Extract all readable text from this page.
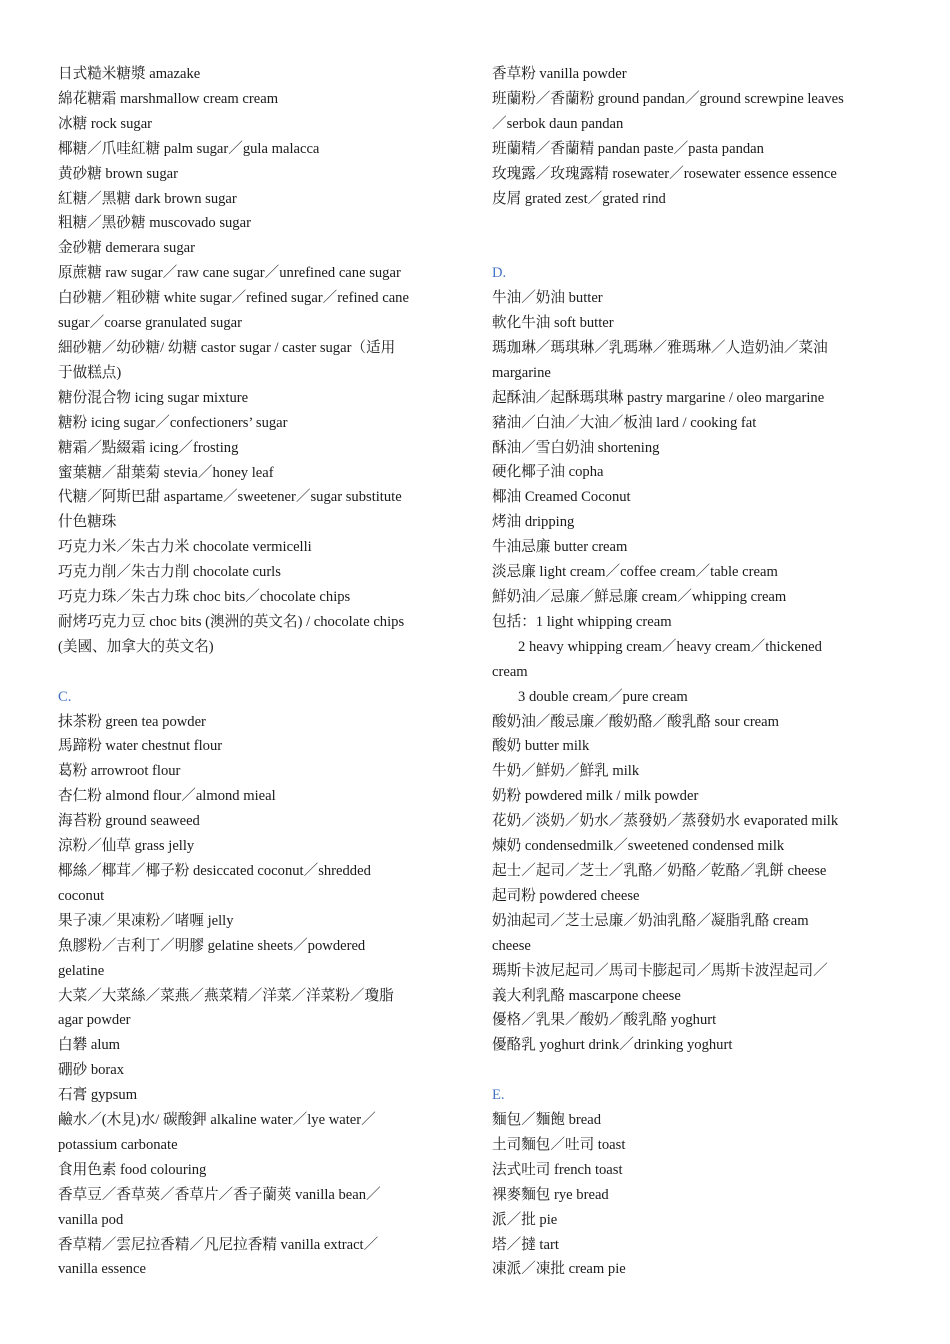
日式糙米糖漿 amazake

綿花糖霜 marshmallow cream cream

冰糖 rock sugar

椰糖／爪哇紅糖 palm sugar／gula malacca

黄砂糖 brown sugar

紅糖／黑糖 dark brown sugar

粗糖／黑砂糖 muscovado sugar

金砂糖 demerara sugar

原蔗糖 raw sugar／raw cane sugar／unrefined cane sugar

白砂糖／粗砂糖 white sugar／refined sugar／refined cane

sugar／coarse granulated sugar

細砂糖／幼砂糖/ 幼糖 castor sugar / caster sugar（适用

于做糕点)

糖份混合物 icing sugar mixture

糖粉 icing sugar／confectioners’ sugar

糖霜／點綴霜 icing／frosting

蜜葉糖／甜葉菊 stevia／honey leaf

代糖／阿斯巴甜 aspartame／sweetener／sugar substitute

什色糖珠

巧克力米／朱古力米 chocolate vermicelli

巧克力削／朱古力削 chocolate curls

巧克力珠／朱古力珠 choc bits／chocolate chips

耐烤巧克力豆 choc bits (澳洲的英文名) / chocolate chips

(美國、加拿大的英文名)

C.

抹茶粉 green tea powder

馬蹄粉 water chestnut flour

葛粉 arrowroot flour

杏仁粉 almond flour／almond mieal

海苔粉 ground seaweed

涼粉／仙草 grass jelly

椰絲／椰茸／椰子粉 desiccated coconut／shredded

coconut

果子凍／果凍粉／啫喱 jelly

魚膠粉／吉利丁／明膠 gelatine sheets／powdered

gelatine

大菜／大菜絲／菜燕／燕菜精／洋菜／洋菜粉／瓊脂

agar powder

白礬 alum

硼砂 borax

石膏 gypsum

鹼水／(木見)水/ 碳酸鉀 alkaline water／lye water／

potassium carbonate

食用色素 food colouring

香草豆／香草莢／香草片／香子蘭莢 vanilla bean／

vanilla pod

香草精／雲尼拉香精／凡尼拉香精 vanilla extract／

vanilla essence

香草粉 vanilla powder

班蘭粉／香蘭粉 ground pandan／ground screwpine leaves

／serbok daun pandan

班蘭精／香蘭精 pandan paste／pasta pandan

玫瑰露／玫瑰露精 rosewater／rosewater essence essence

皮屑 grated zest／grated rind

D.

牛油／奶油 butter

軟化牛油 soft butter

瑪珈琳／瑪琪琳／乳瑪琳／雅瑪琳／人造奶油／菜油

margarine

起酥油／起酥瑪琪琳 pastry margarine / oleo margarine

豬油／白油／大油／板油 lard / cooking fat

酥油／雪白奶油 shortening

硬化椰子油 copha

椰油 Creamed Coconut

烤油 dripping

牛油忌廉 butter cream

淡忌廉 light cream／coffee cream／table cream

鮮奶油／忌廉／鮮忌廉 cream／whipping cream

包括：1 light whipping cream

2 heavy whipping cream／heavy cream／thickened

cream

3 double cream／pure cream

酸奶油／酸忌廉／酸奶酪／酸乳酪 sour cream

酸奶 butter milk

牛奶／鮮奶／鮮乳 milk

奶粉 powdered milk / milk powder

花奶／淡奶／奶水／蒸發奶／蒸發奶水 evaporated milk

煉奶 condensedmilk／sweetened condensed milk

起士／起司／芝士／乳酪／奶酪／乾酪／乳餅 cheese

起司粉 powdered cheese

奶油起司／芝士忌廉／奶油乳酪／凝脂乳酪 cream

cheese

瑪斯卡波尼起司／馬司卡膨起司／馬斯卡波涅起司／

義大利乳酪 mascarpone cheese

優格／乳果／酸奶／酸乳酪 yoghurt

優酪乳 yoghurt drink／drinking yoghurt

E.

麵包／麵飽 bread

土司麵包／吐司 toast

法式吐司 french toast

裸麥麵包 rye bread

派／批 pie

塔／撻 tart

凍派／凍批 cream pie
